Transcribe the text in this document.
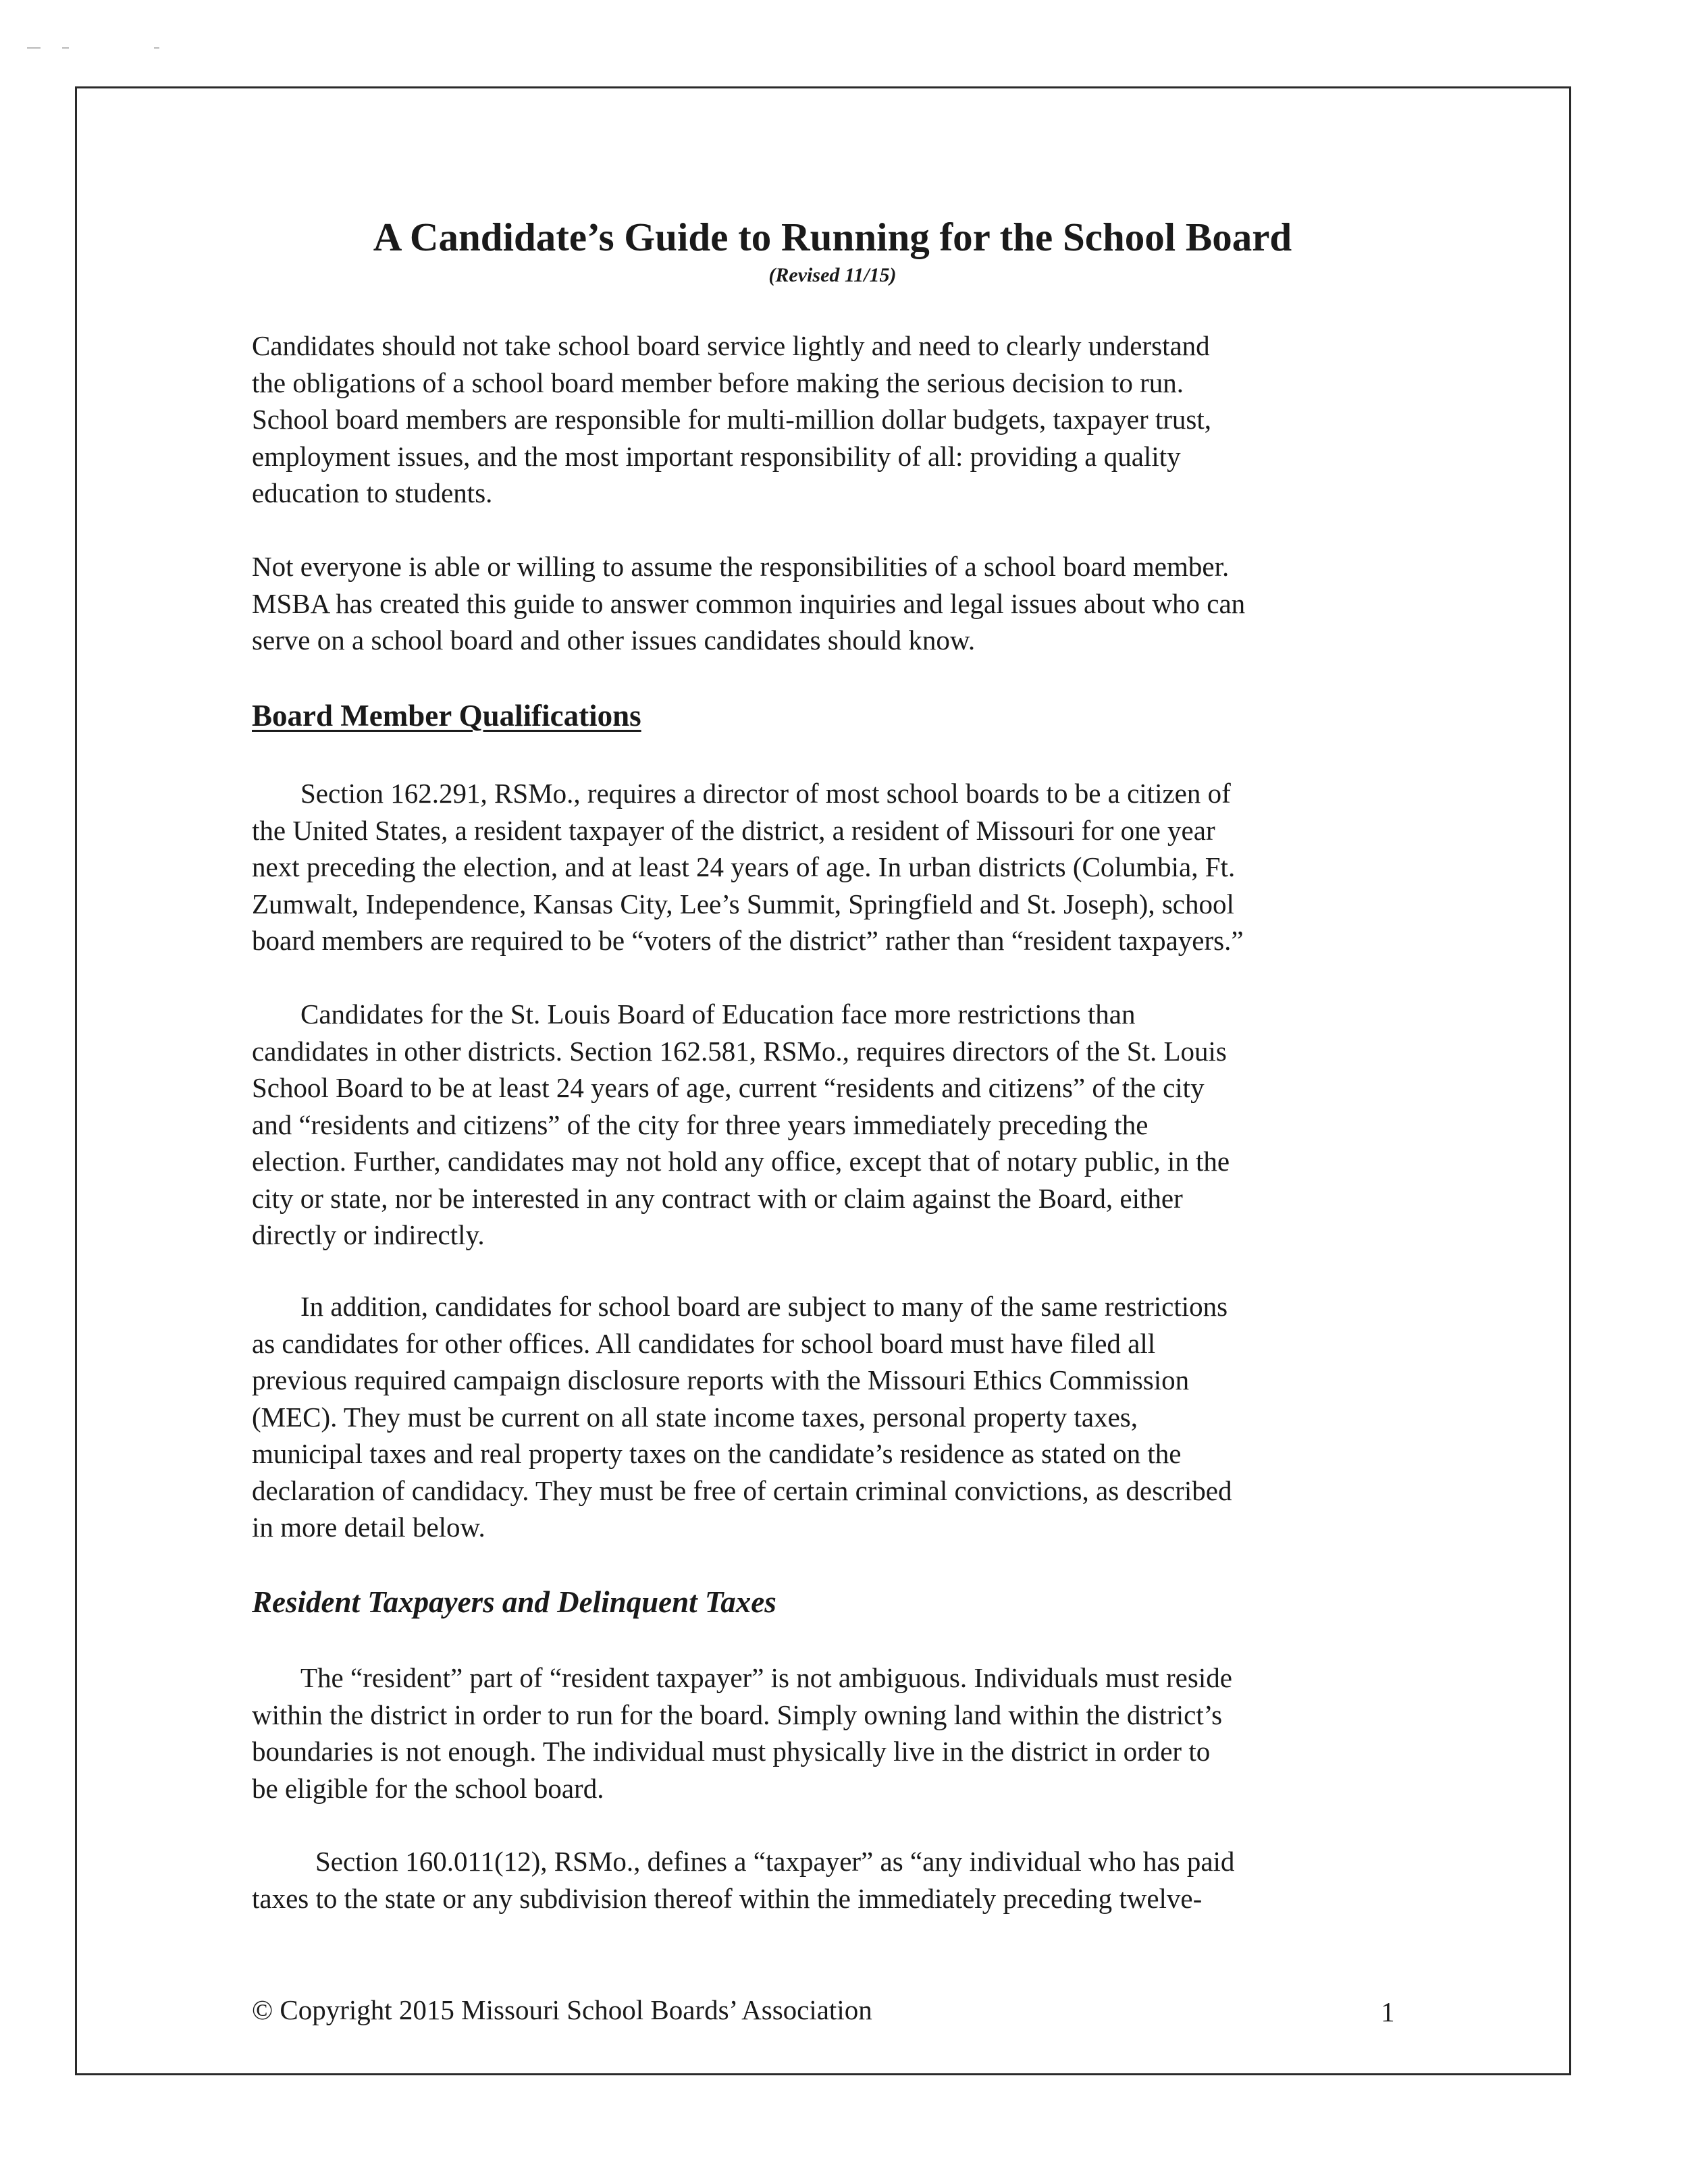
A Candidate’s Guide to Running for the School Board
(Revised 11/15)

Candidates should not take school board service lightly and need to clearly understand
the obligations of a school board member before making the serious decision to run.
School board members are responsible for multi-million dollar budgets, taxpayer trust,
employment issues, and the most important responsibility of all: providing a quality
education to students.

Not everyone is able or willing to assume the responsibilities of a school board member.
MSBA has created this guide to answer common inquiries and legal issues about who can
serve on a school board and other issues candidates should know.

Board Member Qualifications

Section 162.291, RSMo., requires a director of most school boards to be a citizen of
the United States, a resident taxpayer of the district, a resident of Missouri for one year
next preceding the election, and at least 24 years of age. In urban districts (Columbia, Ft.
Zumwalt, Independence, Kansas City, Lee’s Summit, Springfield and St. Joseph), school
board members are required to be “voters of the district” rather than “resident taxpayers.”

Candidates for the St. Louis Board of Education face more restrictions than
candidates in other districts. Section 162.581, RSMo., requires directors of the St. Louis
School Board to be at least 24 years of age, current “residents and citizens” of the city
and “residents and citizens” of the city for three years immediately preceding the
election. Further, candidates may not hold any office, except that of notary public, in the
city or state, nor be interested in any contract with or claim against the Board, either
directly or indirectly.

In addition, candidates for school board are subject to many of the same restrictions
as candidates for other offices. All candidates for school board must have filed all
previous required campaign disclosure reports with the Missouri Ethics Commission
(MEC). They must be current on all state income taxes, personal property taxes,
municipal taxes and real property taxes on the candidate’s residence as stated on the
declaration of candidacy. They must be free of certain criminal convictions, as described
in more detail below.

Resident Taxpayers and Delinquent Taxes

The “resident” part of “resident taxpayer” is not ambiguous. Individuals must reside
within the district in order to run for the board. Simply owning land within the district’s
boundaries is not enough. The individual must physically live in the district in order to
be eligible for the school board.

Section 160.011(12), RSMo., defines a “taxpayer” as “any individual who has paid
taxes to the state or any subdivision thereof within the immediately preceding twelve-

© Copyright 2015 Missouri School Boards’ Association	1
